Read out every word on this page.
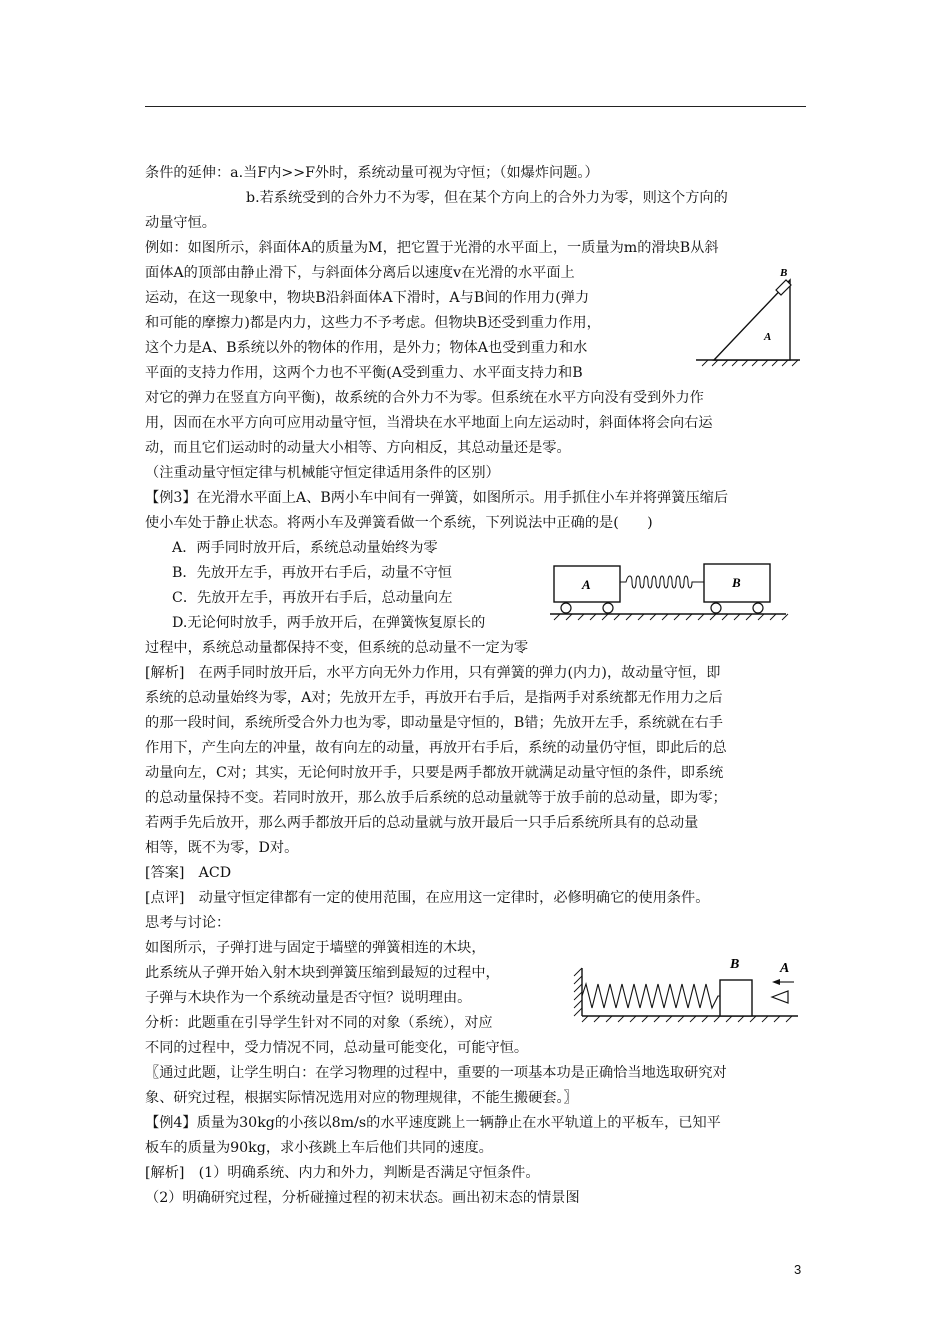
条件的延伸：a.当F内>>F外时，系统动量可视为守恒；（如爆炸问题。）
b.若系统受到的合外力不为零，但在某个方向上的合外力为零，则这个方向的
动量守恒。
例如：如图所示，斜面体A的质量为M，把它置于光滑的水平面上，一质量为m的滑块B从斜
面体A的顶部由静止滑下，与斜面体分离后以速度v在光滑的水平面上
运动，在这一现象中，物块B沿斜面体A下滑时，A与B间的作用力(弹力
和可能的摩擦力)都是内力，这些力不予考虑。但物块B还受到重力作用，
这个力是A、B系统以外的物体的作用，是外力；物体A也受到重力和水
平面的支持力作用，这两个力也不平衡(A受到重力、水平面支持力和B
对它的弹力在竖直方向平衡)，故系统的合外力不为零。但系统在水平方向没有受到外力作
用，因而在水平方向可应用动量守恒，当滑块在水平地面上向左运动时，斜面体将会向右运
动，而且它们运动时的动量大小相等、方向相反，其总动量还是零。
（注重动量守恒定律与机械能守恒定律适用条件的区别）
【例3】在光滑水平面上A、B两小车中间有一弹簧，如图所示。用手抓住小车并将弹簧压缩后
使小车处于静止状态。将两小车及弹簧看做一个系统，下列说法中正确的是(　　)
A．两手同时放开后，系统总动量始终为零
B．先放开左手，再放开右手后，动量不守恒
C．先放开左手，再放开右手后，总动量向左
D.无论何时放手，两手放开后，在弹簧恢复原长的
过程中，系统总动量都保持不变，但系统的总动量不一定为零
[解析]　在两手同时放开后，水平方向无外力作用，只有弹簧的弹力(内力)，故动量守恒，即
系统的总动量始终为零，A对；先放开左手，再放开右手后，是指两手对系统都无作用力之后
的那一段时间，系统所受合外力也为零，即动量是守恒的，B错；先放开左手，系统就在右手
作用下，产生向左的冲量，故有向左的动量，再放开右手后，系统的动量仍守恒，即此后的总
动量向左，C对；其实，无论何时放开手，只要是两手都放开就满足动量守恒的条件，即系统
的总动量保持不变。若同时放开，那么放手后系统的总动量就等于放手前的总动量，即为零；
若两手先后放开，那么两手都放开后的总动量就与放开最后一只手后系统所具有的总动量
相等，既不为零，D对。
[答案]　ACD
[点评]　动量守恒定律都有一定的使用范围，在应用这一定律时，必修明确它的使用条件。
思考与讨论：
如图所示，子弹打进与固定于墙壁的弹簧相连的木块，
此系统从子弹开始入射木块到弹簧压缩到最短的过程中，
子弹与木块作为一个系统动量是否守恒？说明理由。
分析：此题重在引导学生针对不同的对象（系统），对应
不同的过程中，受力情况不同，总动量可能变化，可能守恒。
〖通过此题，让学生明白：在学习物理的过程中，重要的一项基本功是正确恰当地选取研究对
象、研究过程，根据实际情况选用对应的物理规律，不能生搬硬套。〗
【例4】质量为30kg的小孩以8m/s的水平速度跳上一辆静止在水平轨道上的平板车，已知平
板车的质量为90kg，求小孩跳上车后他们共同的速度。
[解析]　(1）明确系统、内力和外力，判断是否满足守恒条件。
（2）明确研究过程，分析碰撞过程的初末状态。画出初末态的情景图
B
A
A	B
B	A
3
